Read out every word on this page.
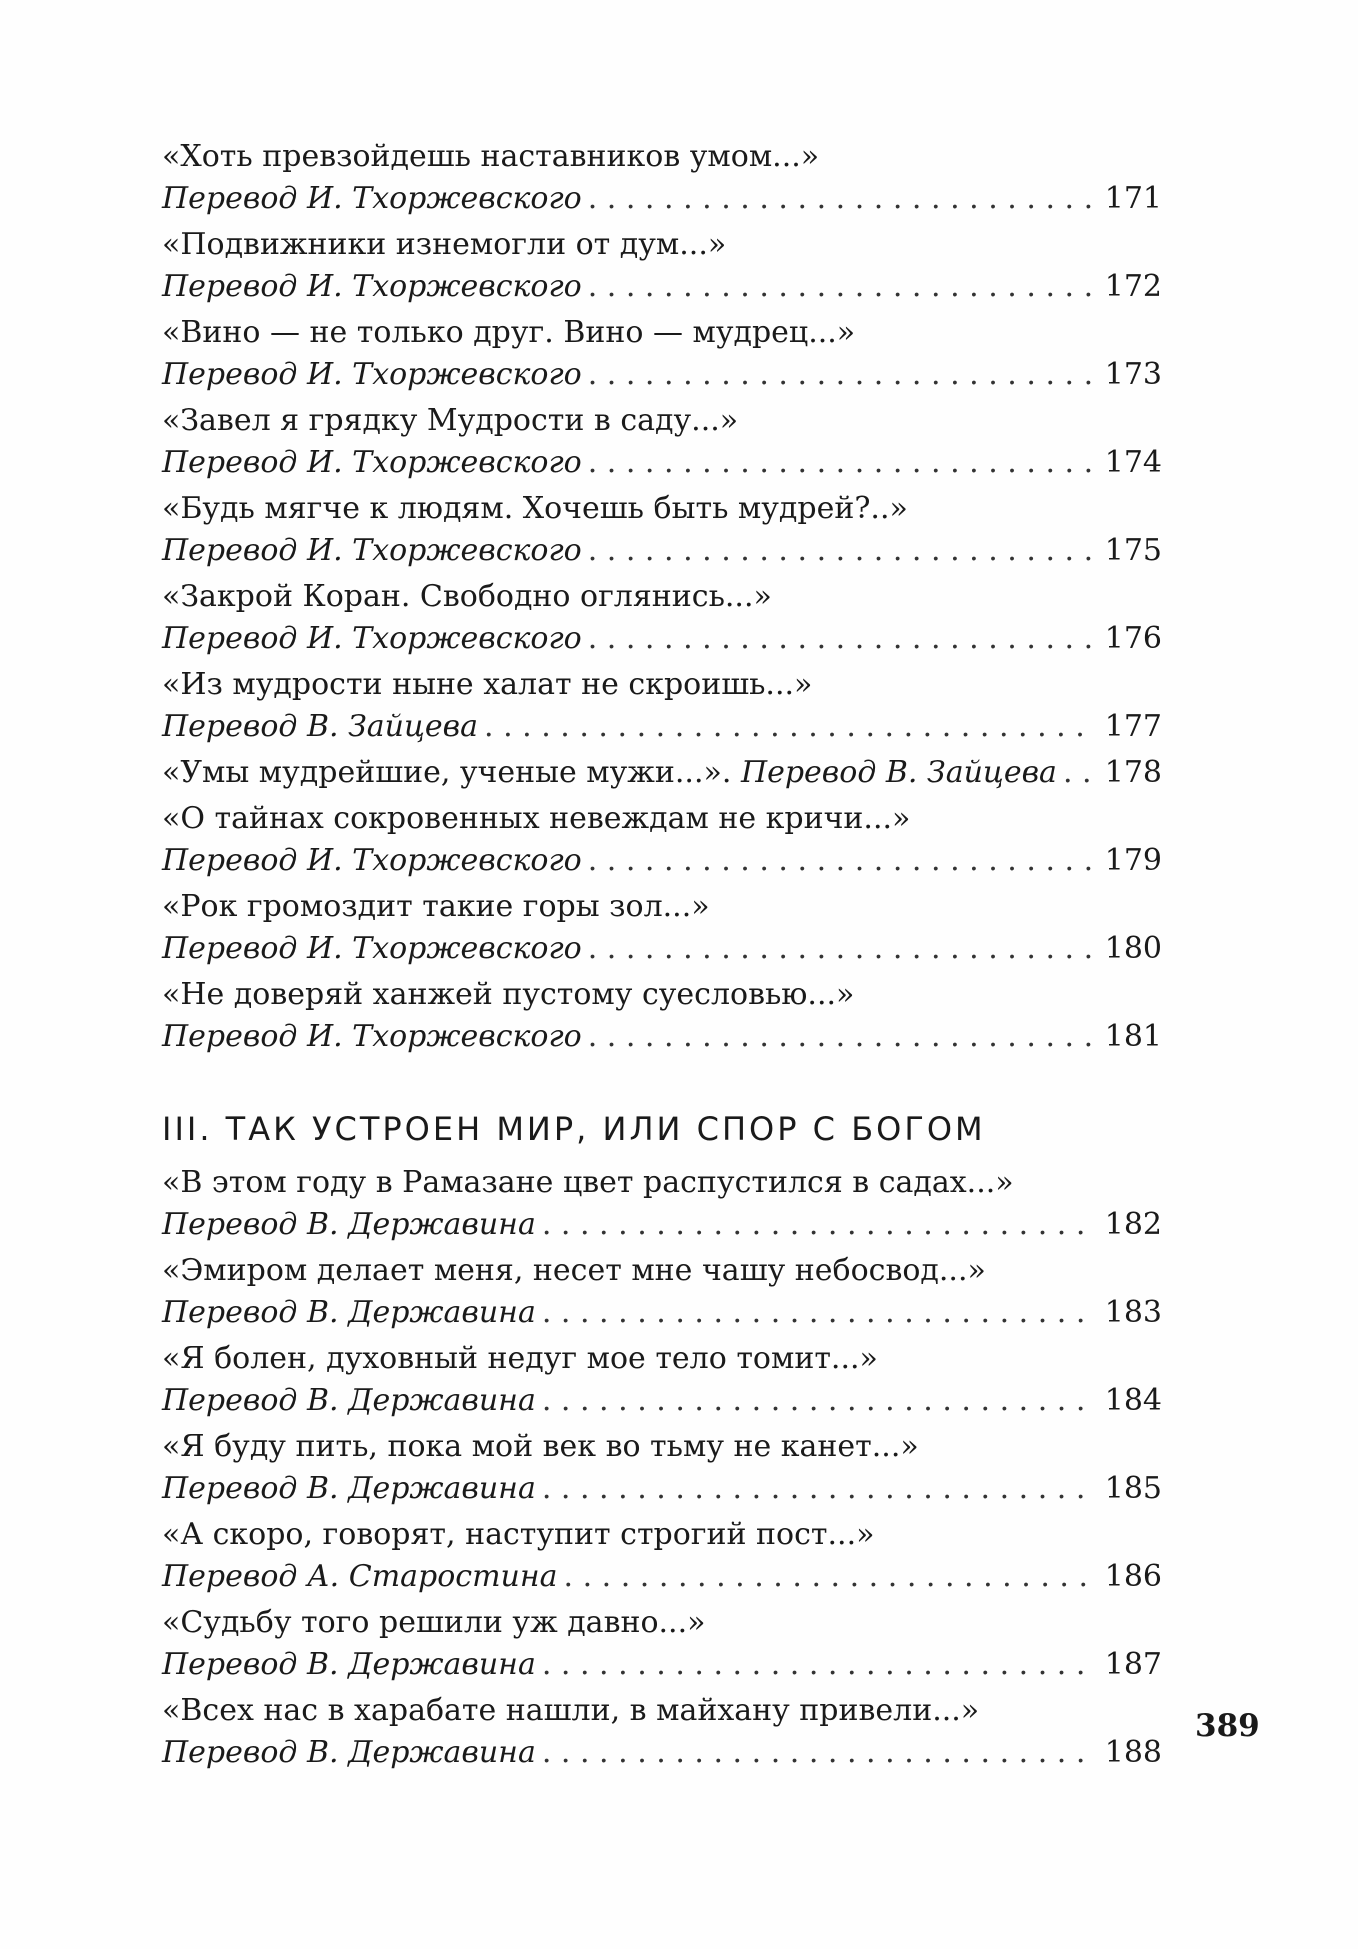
«Хоть превзойдешь наставников умом...»
Перевод И. Тхоржевского . . .	171
«Подвижники изнемогли от дум...»
Перевод И. Тхоржевского . . .	172
«Вино — не только друг. Вино — мудрец...»
Перевод И. Тхоржевского . . .	173
«Завел я грядку Мудрости в саду...»
Перевод И. Тхоржевского . . .	174
«Будь мягче к людям. Хочешь быть мудрей?..»
Перевод И. Тхоржевского . . .	175
«Закрой Коран. Свободно оглянись...»
Перевод И. Тхоржевского . . .	176
«Из мудрости ныне халат не скроишь...»
Перевод В. Зайцева . . .	177
«Умы мудрейшие, ученые мужи...».
Перевод В. Зайцева . . . 178
«О тайнах сокровенных невеждам не кричи...»
Перевод И. Тхоржевского . . .	179
«Рок громоздит такие горы зол...»
Перевод И. Тхоржевского . . .	180
«Не доверяй ханжей пустому суесловью...»
Перевод И. Тхоржевского . . .	181
III. ТАК УСТРОЕН МИР, ИЛИ СПОР С БОГОМ
«В этом году в Рамазане цвет распустился в садах...»
Перевод В. Державина . . .	182
«Эмиром делает меня, несет мне чашу небосвод...»
Перевод В. Державина . . .	183
«Я болен, духовный недуг мое тело томит...»
Перевод В. Державина . . .	184
«Я буду пить, пока мой век во тьму не канет...»
Перевод В. Державина . . .	185
«А скоро, говорят, наступит строгий пост...»
Перевод А. Старостина . . .	186
«Судьбу того решили уж давно...»
Перевод В. Державина . . .	187
«Всех нас в харабате нашли, в майхану привели...»
Перевод В. Державина . . .	188
389
